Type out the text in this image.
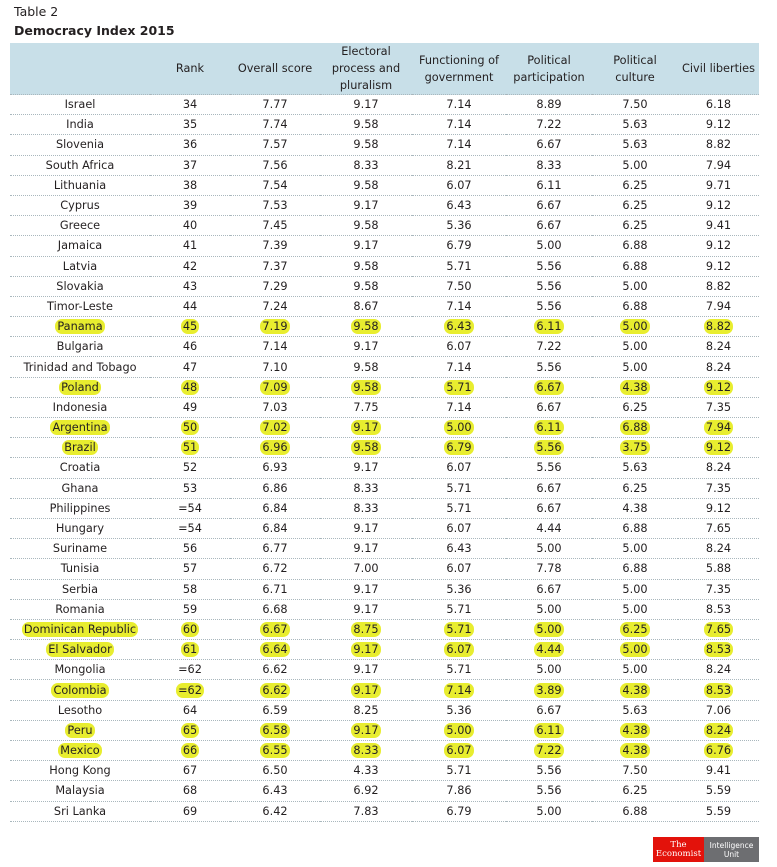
Table 2
Democracy Index 2015
	Rank	Overall score	Electoral process and pluralism	Functioning of government	Political participation	Political culture	Civil liberties
Israel	34	7.77	9.17	7.14	8.89	7.50	6.18
India	35	7.74	9.58	7.14	7.22	5.63	9.12
Slovenia	36	7.57	9.58	7.14	6.67	5.63	8.82
South Africa	37	7.56	8.33	8.21	8.33	5.00	7.94
Lithuania	38	7.54	9.58	6.07	6.11	6.25	9.71
Cyprus	39	7.53	9.17	6.43	6.67	6.25	9.12
Greece	40	7.45	9.58	5.36	6.67	6.25	9.41
Jamaica	41	7.39	9.17	6.79	5.00	6.88	9.12
Latvia	42	7.37	9.58	5.71	5.56	6.88	9.12
Slovakia	43	7.29	9.58	7.50	5.56	5.00	8.82
Timor-Leste	44	7.24	8.67	7.14	5.56	6.88	7.94
Panama	45	7.19	9.58	6.43	6.11	5.00	8.82
Bulgaria	46	7.14	9.17	6.07	7.22	5.00	8.24
Trinidad and Tobago	47	7.10	9.58	7.14	5.56	5.00	8.24
Poland	48	7.09	9.58	5.71	6.67	4.38	9.12
Indonesia	49	7.03	7.75	7.14	6.67	6.25	7.35
Argentina	50	7.02	9.17	5.00	6.11	6.88	7.94
Brazil	51	6.96	9.58	6.79	5.56	3.75	9.12
Croatia	52	6.93	9.17	6.07	5.56	5.63	8.24
Ghana	53	6.86	8.33	5.71	6.67	6.25	7.35
Philippines	=54	6.84	8.33	5.71	6.67	4.38	9.12
Hungary	=54	6.84	9.17	6.07	4.44	6.88	7.65
Suriname	56	6.77	9.17	6.43	5.00	5.00	8.24
Tunisia	57	6.72	7.00	6.07	7.78	6.88	5.88
Serbia	58	6.71	9.17	5.36	6.67	5.00	7.35
Romania	59	6.68	9.17	5.71	5.00	5.00	8.53
Dominican Republic	60	6.67	8.75	5.71	5.00	6.25	7.65
El Salvador	61	6.64	9.17	6.07	4.44	5.00	8.53
Mongolia	=62	6.62	9.17	5.71	5.00	5.00	8.24
Colombia	=62	6.62	9.17	7.14	3.89	4.38	8.53
Lesotho	64	6.59	8.25	5.36	6.67	5.63	7.06
Peru	65	6.58	9.17	5.00	6.11	4.38	8.24
Mexico	66	6.55	8.33	6.07	7.22	4.38	6.76
Hong Kong	67	6.50	4.33	5.71	5.56	7.50	9.41
Malaysia	68	6.43	6.92	7.86	5.56	6.25	5.59
Sri Lanka	69	6.42	7.83	6.79	5.00	6.88	5.59
The
Economist
Intelligence
Unit
